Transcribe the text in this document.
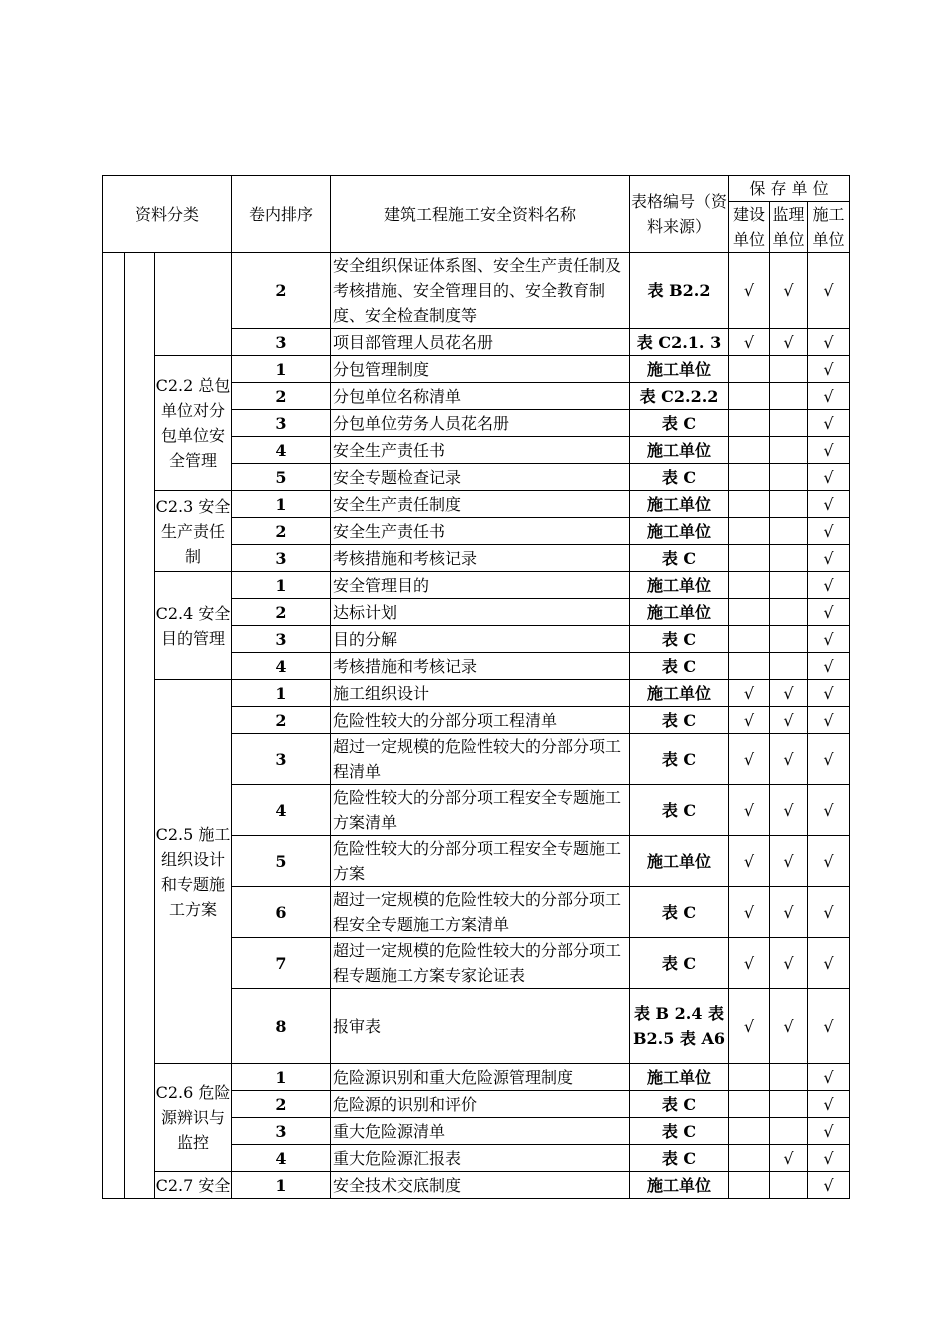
资料分类			卷内排序	建筑工程施工安全资料名称	表格编号（资料来源）	保 存 单 位		
						建设单位	监理单位	施工单位

			2	安全组织保证体系图、安全生产责任制及考核措施、安全管理目的、安全教育制度、安全检查制度等	表 B2.2	√	√	√
			3	项目部管理人员花名册	表 C2.1. 3	√	√	√
		C2.2 总包单位对分包单位安全管理	1	分包管理制度	施工单位			√
			2	分包单位名称清单	表 C2.2.2			√
			3	分包单位劳务人员花名册	表 C			√
			4	安全生产责任书	施工单位			√
			5	安全专题检查记录	表 C			√
		C2.3 安全生产责任制	1	安全生产责任制度	施工单位			√
			2	安全生产责任书	施工单位			√
			3	考核措施和考核记录	表 C			√
		C2.4 安全目的管理	1	安全管理目的	施工单位			√
			2	达标计划	施工单位			√
			3	目的分解	表 C			√
			4	考核措施和考核记录	表 C			√
		C2.5 施工组织设计和专题施工方案	1	施工组织设计	施工单位	√	√	√
			2	危险性较大的分部分项工程清单	表 C	√	√	√
			3	超过一定规模的危险性较大的分部分项工程清单	表 C	√	√	√
			4	危险性较大的分部分项工程安全专题施工方案清单	表 C	√	√	√
			5	危险性较大的分部分项工程安全专题施工方案	施工单位	√	√	√
			6	超过一定规模的危险性较大的分部分项工程安全专题施工方案清单	表 C	√	√	√
			7	超过一定规模的危险性较大的分部分项工程专题施工方案专家论证表	表 C	√	√	√
			8	报审表	表 B 2.4 表 B2.5 表 A6	√	√	√
		C2.6 危险源辨识与监控	1	危险源识别和重大危险源管理制度	施工单位			√
			2	危险源的识别和评价	表 C			√
			3	重大危险源清单	表 C			√
			4	重大危险源汇报表	表 C		√	√
		C2.7 安全	1	安全技术交底制度	施工单位			√
